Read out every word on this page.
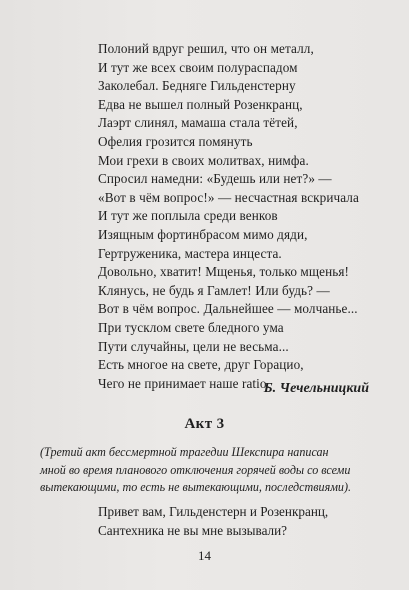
Полоний вдруг решил, что он металл,
И тут же всех своим полураспадом
Заколебал. Бедняге Гильденстерну
Едва не вышел полный Розенкранц,
Лаэрт слинял, мамаша стала тётей,
Офелия грозится помянуть
Мои грехи в своих молитвах, нимфа.
Спросил намедни: «Будешь или нет?» —
«Вот в чём вопрос!» — несчастная вскричала
И тут же поплыла среди венков
Изящным фортинбрасом мимо дяди,
Гертруженика, мастера инцеста.
Довольно, хватит! Мщенья, только мщенья!
Клянусь, не будь я Гамлет! Или будь? —
Вот в чём вопрос. Дальнейшее — молчанье...
При тусклом свете бледного ума
Пути случайны, цели не весьма...
Есть многое на свете, друг Горацио,
Чего не принимает наше ratio.
Б. Чечельницкий
Акт 3
(Третий акт бессмертной трагедии Шекспира написан
мной во время планового отключения горячей воды со всеми
вытекающими, то есть не вытекающими, последствиями).
Привет вам, Гильденстерн и Розенкранц,
Сантехника не вы мне вызывали?
14
